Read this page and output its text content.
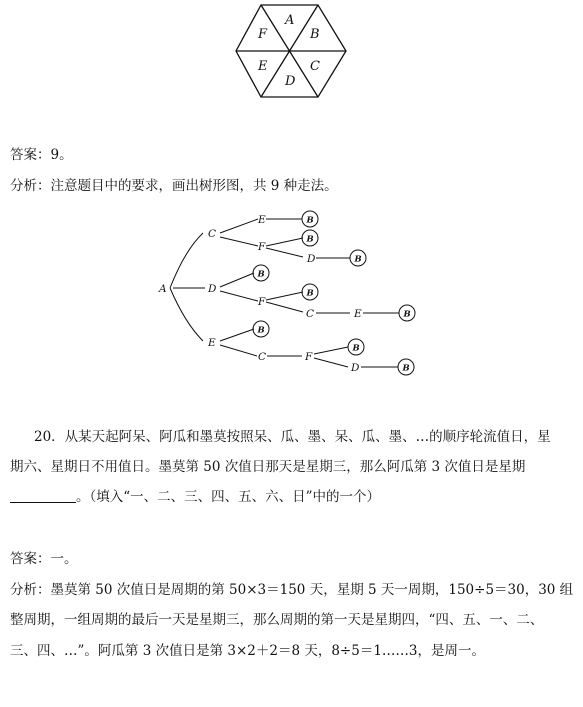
A
B
C
D
E
F
答案：9。
分析：注意题目中的要求，画出树形图，共 9 种走法。
A
C
D
E
F
D
F
C	E
C	F
D
E	B
B
B
B
B
B
B
B
B
20．从某天起阿呆、阿瓜和墨莫按照呆、瓜、墨、呆、瓜、墨、…的顺序轮流值日，星
期六、星期日不用值日。墨莫第 50 次值日那天是星期三，那么阿瓜第 3 次值日是星期
。（填入“一、二、三、四、五、六、日”中的一个）
答案：一。
分析：墨莫第 50 次值日是周期的第 50×3＝150 天，星期 5 天一周期，150÷5＝30，30 组
整周期，一组周期的最后一天是星期三，那么周期的第一天是星期四，“四、五、一、二、
三、四、…”。阿瓜第 3 次值日是第 3×2＋2＝8 天，8÷5＝1……3，是周一。
